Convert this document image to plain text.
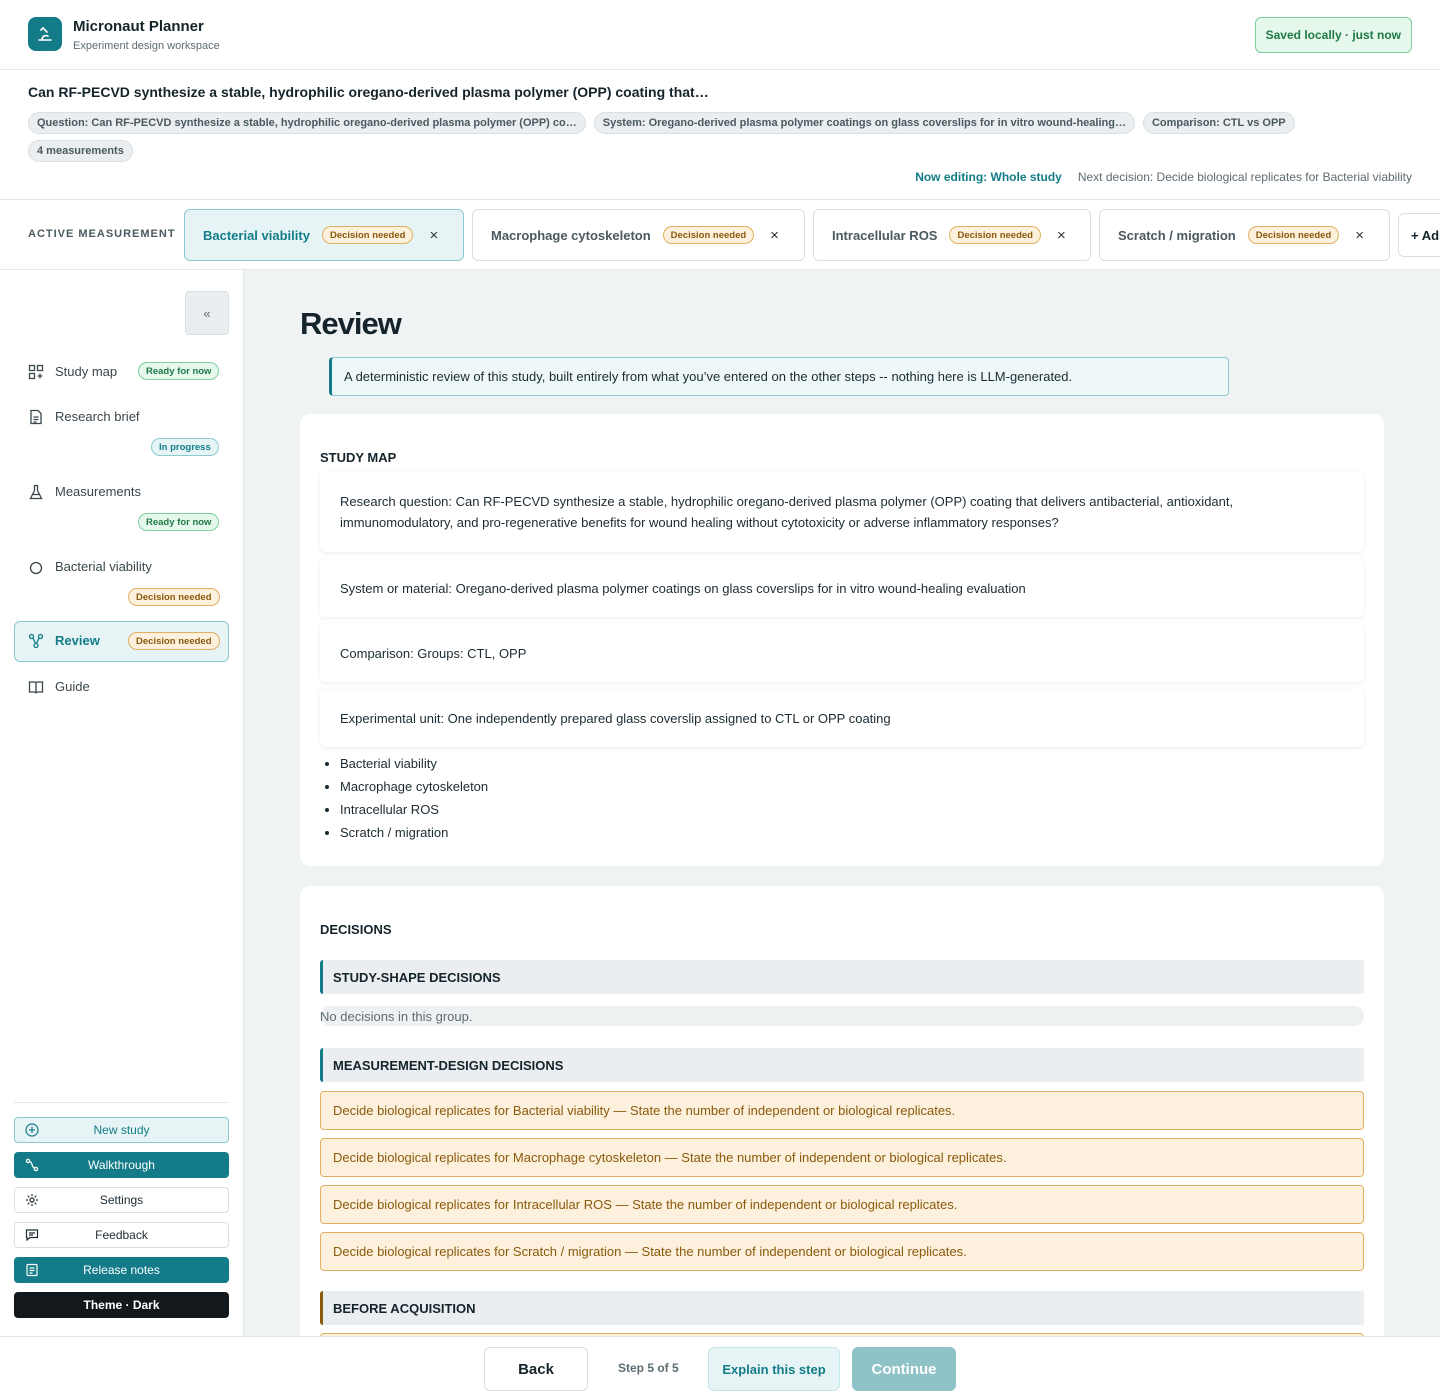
Micronaut Planner
Experiment design workspace
Saved locally · just now
Can RF-PECVD synthesize a stable, hydrophilic oregano-derived plasma polymer (OPP) coating that…
Question: Can RF-PECVD synthesize a stable, hydrophilic oregano-derived plasma polymer (OPP) co…	System: Oregano-derived plasma polymer coatings on glass coverslips for in vitro wound-healing…	Comparison: CTL vs OPP
4 measurements
Now editing: Whole study Next decision: Decide biological replicates for Bacterial viability
ACTIVE MEASUREMENT Bacterial viability	Decision needed	×	Macrophage cytoskeleton	Decision needed	×	Intracellular ROS	Decision needed	×	Scratch / migration	Decision needed	×	+ Ad
«
Study map	Ready for now
Research brief
In progress
Measurements
Ready for now
Bacterial viability
Decision needed
Review	Decision needed
Guide
New study
Walkthrough
Settings
Feedback
Release notes
Theme · Dark
Review
A deterministic review of this study, built entirely from what you’ve entered on the other steps -- nothing here is LLM-generated.
STUDY MAP
Research question: Can RF-PECVD synthesize a stable, hydrophilic oregano-derived plasma polymer (OPP) coating that delivers antibacterial, antioxidant, immunomodulatory, and pro-regenerative benefits for wound healing without cytotoxicity or adverse inflammatory responses?
System or material: Oregano-derived plasma polymer coatings on glass coverslips for in vitro wound-healing evaluation
Comparison: Groups: CTL, OPP
Experimental unit: One independently prepared glass coverslip assigned to CTL or OPP coating
• Bacterial viability
• Macrophage cytoskeleton
• Intracellular ROS
• Scratch / migration
DECISIONS
STUDY-SHAPE DECISIONS
No decisions in this group.
MEASUREMENT-DESIGN DECISIONS
Decide biological replicates for Bacterial viability — State the number of independent or biological replicates.
Decide biological replicates for Macrophage cytoskeleton — State the number of independent or biological replicates.
Decide biological replicates for Intracellular ROS — State the number of independent or biological replicates.
Decide biological replicates for Scratch / migration — State the number of independent or biological replicates.
BEFORE ACQUISITION
Back	Step 5 of 5	Explain this step	Continue
